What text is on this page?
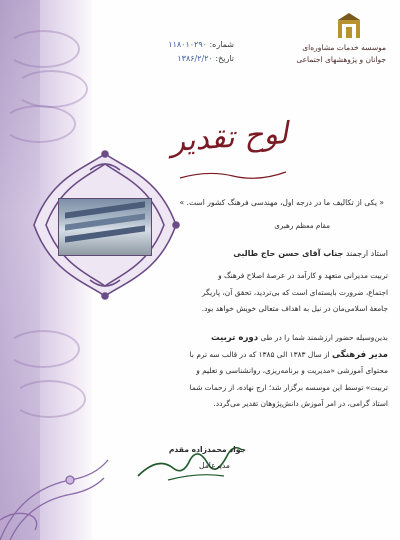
موسسه خدمات مشاوره‌ای
جوانان و پژوهشهای اجتماعی
شماره: ۱۱۸۰۱۰۲۹۰
تاریخ: ۱۳۸۶/۲/۲۰
لوح تقدیر
« یکی از تکالیف ما در درجه اول، مهندسی فرهنگ کشور است. »
مقام معظم رهبری
استاد ارجمند جناب آقای حسن حاج طالبی
تربیت مدیرانی متعهد و کارآمد در عرصهٔ اصلاح فرهنگ و
اجتماع، ضرورت بایسته‌ای است که بی‌تردید، تحقق آن، پاریگر
جامعهٔ اسلامی‌مان در نیل به اهداف متعالی خویش خواهد بود.
بدین‌وسیله حضور ارزشمند شما را در طی دوره تربیت
مدیر فرهنگی از سال ۱۳۸۳ الی ۱۳۸۵ که در قالب سه ترم با
محتوای آموزشی «مدیریت و برنامه‌ریزی، روانشناسی و تعلیم و
تربیت» توسط این موسسه برگزار شد؛ ارج نهاده، از زحمات شما
استاد گرامی، در امر آموزش دانش‌پژوهان تقدیر می‌گردد.
جواد محمدزاده مقدم
مدیرعامل
